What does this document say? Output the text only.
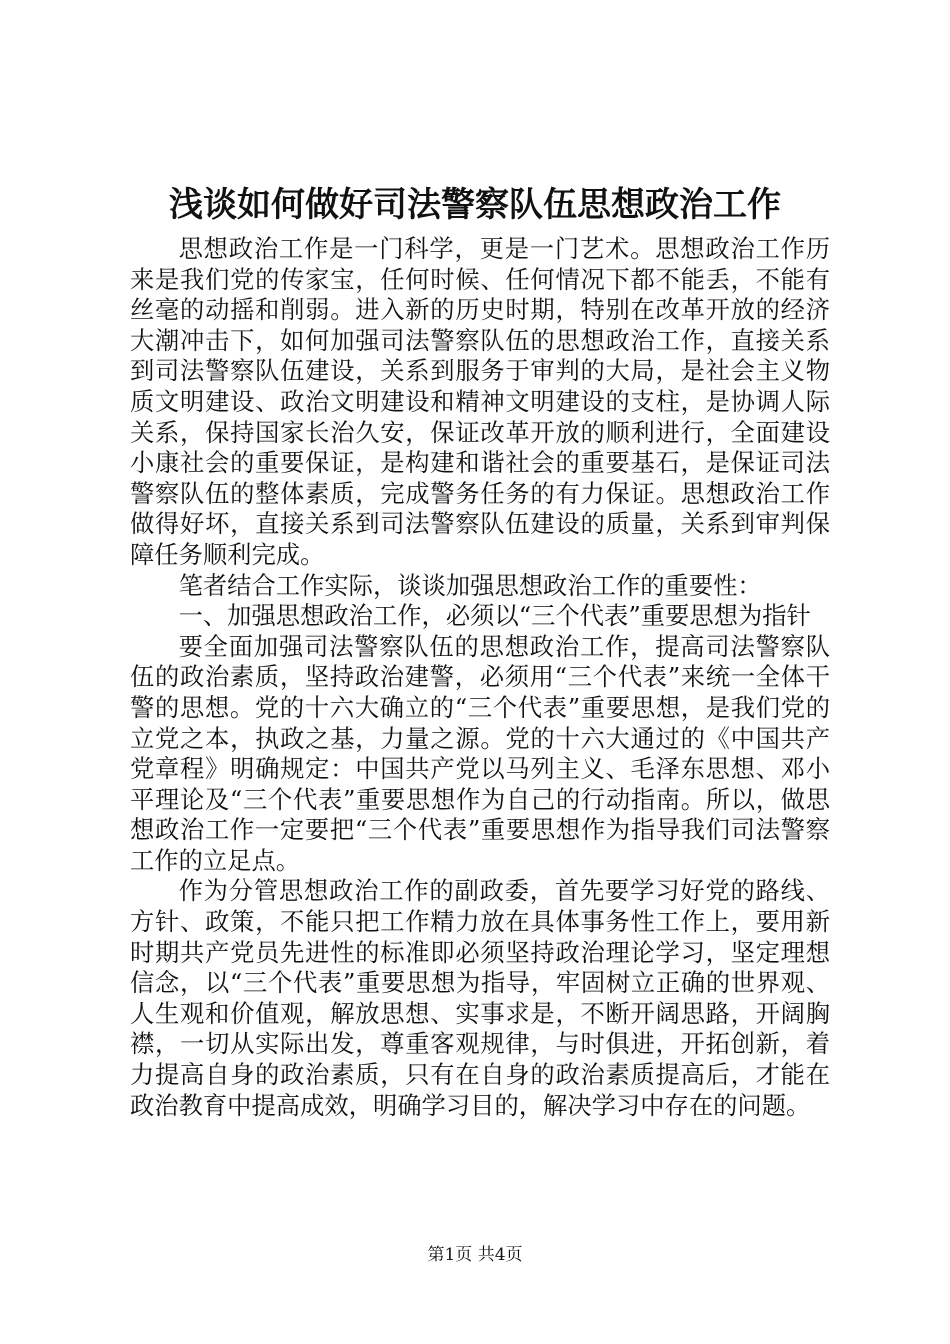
浅谈如何做好司法警察队伍思想政治工作

思想政治工作是一门科学，更是一门艺术。思想政治工作历来是我们党的传家宝，任何时候、任何情况下都不能丢，不能有丝毫的动摇和削弱。进入新的历史时期，特别在改革开放的经济大潮冲击下，如何加强司法警察队伍的思想政治工作，直接关系到司法警察队伍建设，关系到服务于审判的大局，是社会主义物质文明建设、政治文明建设和精神文明建设的支柱，是协调人际关系，保持国家长治久安，保证改革开放的顺利进行，全面建设小康社会的重要保证，是构建和谐社会的重要基石，是保证司法警察队伍的整体素质，完成警务任务的有力保证。思想政治工作做得好坏，直接关系到司法警察队伍建设的质量，关系到审判保障任务顺利完成。

笔者结合工作实际，谈谈加强思想政治工作的重要性：

一、加强思想政治工作，必须以“三个代表”重要思想为指针

要全面加强司法警察队伍的思想政治工作，提高司法警察队伍的政治素质，坚持政治建警，必须用“三个代表”来统一全体干警的思想。党的十六大确立的“三个代表”重要思想，是我们党的立党之本，执政之基，力量之源。党的十六大通过的《中国共产党章程》明确规定：中国共产党以马列主义、毛泽东思想、邓小平理论及“三个代表”重要思想作为自己的行动指南。所以，做思想政治工作一定要把“三个代表”重要思想作为指导我们司法警察工作的立足点。

作为分管思想政治工作的副政委，首先要学习好党的路线、方针、政策，不能只把工作精力放在具体事务性工作上，要用新时期共产党员先进性的标准即必须坚持政治理论学习，坚定理想信念，以“三个代表”重要思想为指导，牢固树立正确的世界观、人生观和价值观，解放思想、实事求是，不断开阔思路，开阔胸襟，一切从实际出发，尊重客观规律，与时俱进，开拓创新，着力提高自身的政治素质，只有在自身的政治素质提高后，才能在政治教育中提高成效，明确学习目的，解决学习中存在的问题。

第1页 共4页
